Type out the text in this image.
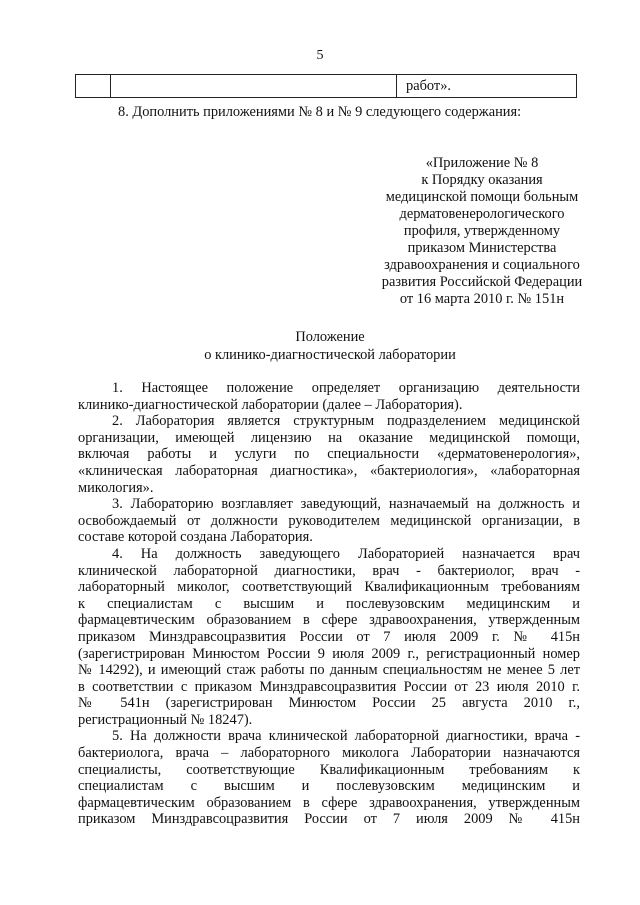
5
работ».
8. Дополнить приложениями № 8 и № 9 следующего содержания:
«Приложение № 8
к Порядку оказания
медицинской помощи больным
дерматовенерологического
профиля, утвержденному
приказом Министерства
здравоохранения и социального
развития Российской Федерации
от 16 марта 2010 г. № 151н
Положение
о клинико-диагностической лаборатории
1. Настоящее положение определяет организацию деятельности
клинико-диагностической лаборатории (далее – Лаборатория).
2. Лаборатория является структурным подразделением медицинской
организации, имеющей лицензию на оказание медицинской помощи,
включая работы и услуги по специальности «дерматовенерология»,
«клиническая лабораторная диагностика», «бактериология», «лабораторная
микология».
3. Лабораторию возглавляет заведующий, назначаемый на должность и
освобождаемый от должности руководителем медицинской организации, в
составе которой создана Лаборатория.
4. На должность заведующего Лабораторией назначается врач
клинической лабораторной диагностики, врач - бактериолог, врач -
лабораторный миколог, соответствующий Квалификационным требованиям
к специалистам с высшим и послевузовским медицинским и
фармацевтическим образованием в сфере здравоохранения, утвержденным
приказом Минздравсоцразвития России от 7 июля 2009 г. № 415н
(зарегистрирован Минюстом России 9 июля 2009 г., регистрационный номер
№ 14292), и имеющий стаж работы по данным специальностям не менее 5 лет
в соответствии с приказом Минздравсоцразвития России от 23 июля 2010 г.
№ 541н (зарегистрирован Минюстом России 25 августа 2010 г.,
регистрационный № 18247).
5. На должности врача клинической лабораторной диагностики, врача -
бактериолога, врача – лабораторного миколога Лаборатории назначаются
специалисты, соответствующие Квалификационным требованиям к
специалистам с высшим и послевузовским медицинским и
фармацевтическим образованием в сфере здравоохранения, утвержденным
приказом Минздравсоцразвития России от 7 июля 2009 № 415н
